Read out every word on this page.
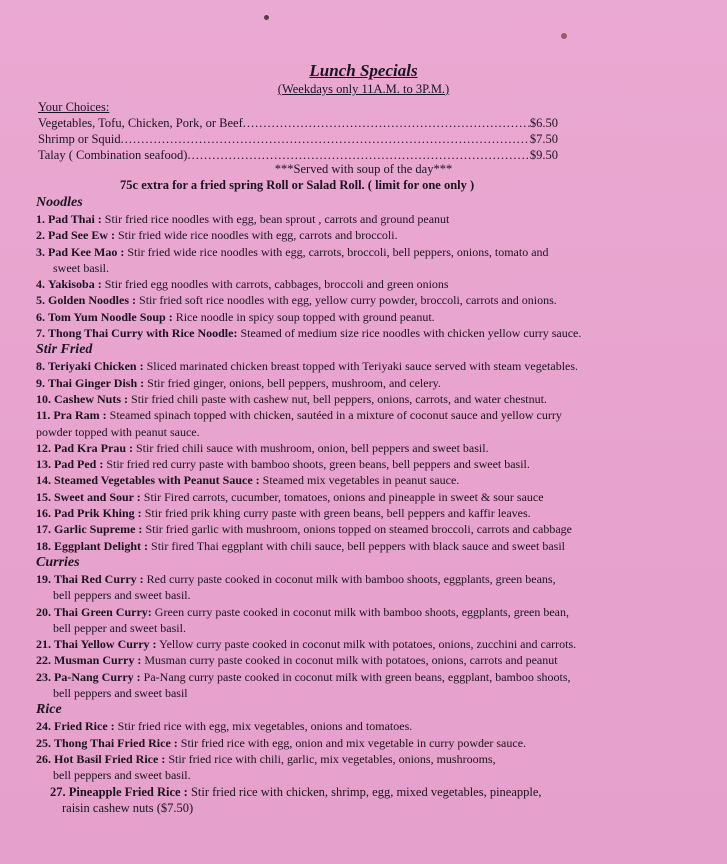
Lunch Specials
(Weekdays only 11A.M. to 3P.M.)
Your Choices:
Vegetables, Tofu, Chicken, Pork, or Beef .....	$6.50
Shrimp or Squid .....	$7.50
Talay ( Combination seafood) .....	$9.50
***Served with soup of the day***
75c extra for a fried spring Roll or Salad Roll. ( limit for one only )
Noodles
1. Pad Thai : Stir fried rice noodles with egg, bean sprout , carrots and ground peanut
2. Pad See Ew : Stir fried wide rice noodles with egg, carrots and broccoli.
3. Pad Kee Mao : Stir fried wide rice noodles with egg, carrots, broccoli, bell peppers, onions, tomato and
sweet basil.
4. Yakisoba : Stir fried egg noodles with carrots, cabbages, broccoli and green onions
5. Golden Noodles : Stir fried soft rice noodles with egg, yellow curry powder, broccoli, carrots and onions.
6. Tom Yum Noodle Soup : Rice noodle in spicy soup topped with ground peanut.
7. Thong Thai Curry with Rice Noodle: Steamed of medium size rice noodles with chicken yellow curry sauce.
Stir Fried
8. Teriyaki Chicken : Sliced marinated chicken breast topped with Teriyaki sauce served with steam vegetables.
9. Thai Ginger Dish : Stir fried ginger, onions, bell peppers, mushroom, and celery.
10. Cashew Nuts : Stir fried chili paste with cashew nut, bell peppers, onions, carrots, and water chestnut.
11. Pra Ram : Steamed spinach topped with chicken, sautéed in a mixture of coconut sauce and yellow curry
powder topped with peanut sauce.
12. Pad Kra Prau : Stir fried chili sauce with mushroom, onion, bell peppers and sweet basil.
13. Pad Ped : Stir fried red curry paste with bamboo shoots, green beans, bell peppers and sweet basil.
14. Steamed Vegetables with Peanut Sauce : Steamed mix vegetables in peanut sauce.
15. Sweet and Sour : Stir Fired carrots, cucumber, tomatoes, onions and pineapple in sweet & sour sauce
16. Pad Prik Khing : Stir fried prik khing curry paste with green beans, bell peppers and kaffir leaves.
17. Garlic Supreme : Stir fried garlic with mushroom, onions topped on steamed broccoli, carrots and cabbage
18. Eggplant Delight : Stir fired Thai eggplant with chili sauce, bell peppers with black sauce and sweet basil
Curries
19. Thai Red Curry : Red curry paste cooked in coconut milk with bamboo shoots, eggplants, green beans,
bell peppers and sweet basil.
20. Thai Green Curry: Green curry paste cooked in coconut milk with bamboo shoots, eggplants, green bean,
bell pepper and sweet basil.
21. Thai Yellow Curry : Yellow curry paste cooked in coconut milk with potatoes, onions, zucchini and carrots.
22. Musman Curry : Musman curry paste cooked in coconut milk with potatoes, onions, carrots and peanut
23. Pa-Nang Curry : Pa-Nang curry paste cooked in coconut milk with green beans, eggplant, bamboo shoots,
bell peppers and sweet basil
Rice
24. Fried Rice : Stir fried rice with egg, mix vegetables, onions and tomatoes.
25. Thong Thai Fried Rice : Stir fried rice with egg, onion and mix vegetable in curry powder sauce.
26. Hot Basil Fried Rice : Stir fried rice with chili, garlic, mix vegetables, onions, mushrooms,
bell peppers and sweet basil.
27. Pineapple Fried Rice : Stir fried rice with chicken, shrimp, egg, mixed vegetables, pineapple,
raisin cashew nuts ($7.50)
